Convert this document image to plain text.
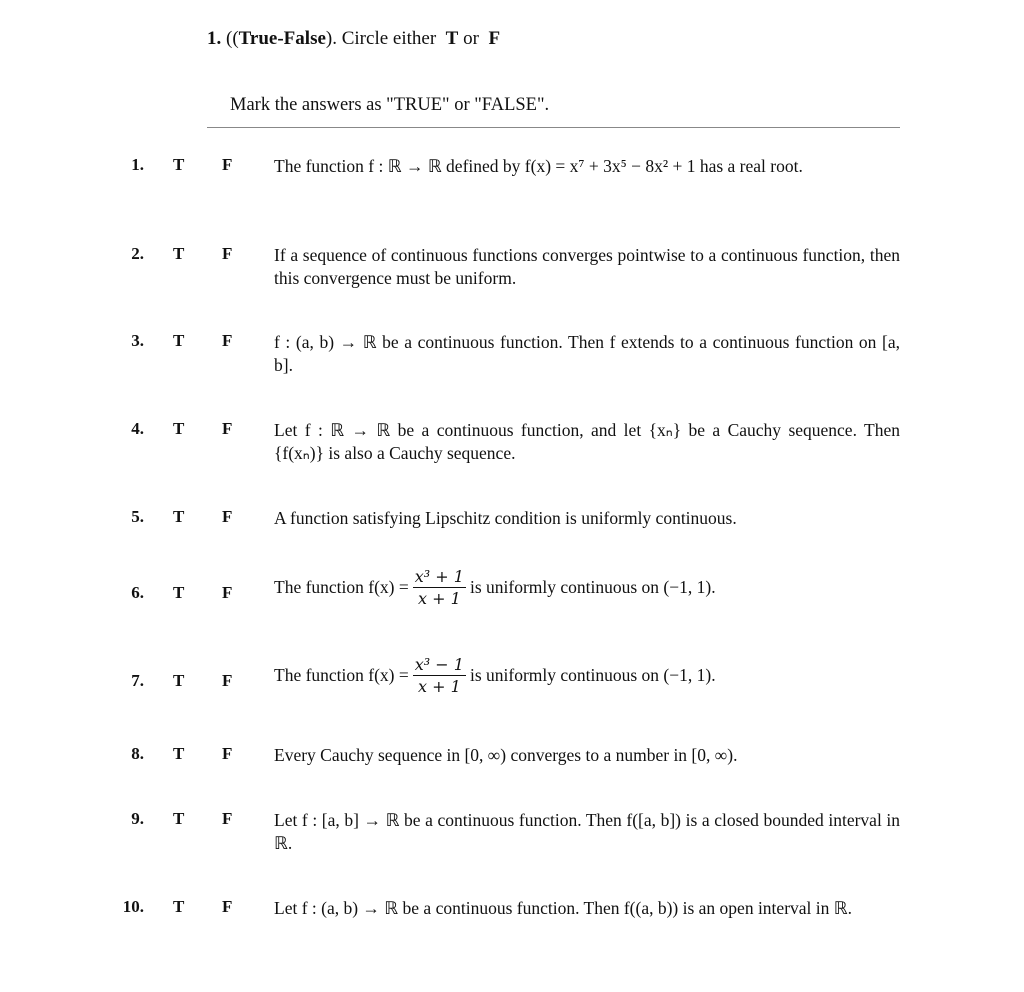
1. ((True-False). Circle either T or F
Mark the answers as "TRUE" or "FALSE".
1. T F The function f : ℝ → ℝ defined by f(x) = x⁷ + 3x⁵ − 8x² + 1 has a real root.
2. T F If a sequence of continuous functions converges pointwise to a continuous function, then this convergence must be uniform.
3. T F f : (a, b) → ℝ be a continuous function. Then f extends to a continuous function on [a, b].
4. T F Let f : ℝ → ℝ be a continuous function, and let {xₙ} be a Cauchy sequence. Then {f(xₙ)} is also a Cauchy sequence.
5. T F A function satisfying Lipschitz condition is uniformly continuous.
6. T F The function $f(x) = \frac{\text{x³ + 1}}{x + 1}$ is uniformly continuous on (−1, 1).
7. T F The function $f(x) = \frac{\text{x³ − 1}}{x + 1}$ is uniformly continuous on (−1, 1).
8. T F Every Cauchy sequence in [0, ∞) converges to a number in [0, ∞).
9. T F Let f : [a, b] → ℝ be a continuous function. Then f([a, b]) is a closed bounded interval in ℝ.
10. T F Let f : (a, b) → ℝ be a continuous function. Then f((a, b)) is an open interval in ℝ.
